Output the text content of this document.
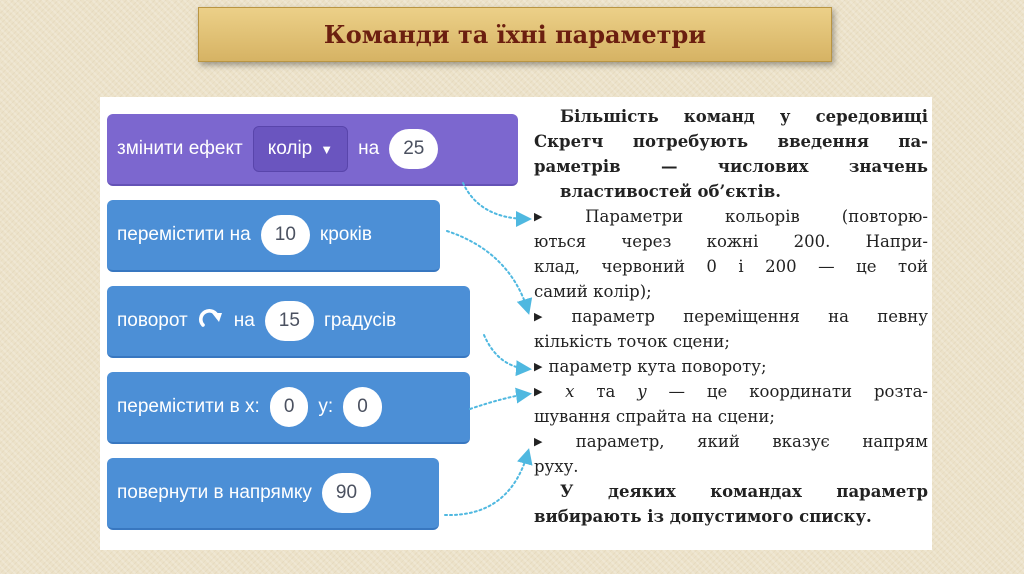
Команди та їхні параметри
змінити ефект колір ▼ на	25
перемістити на	10	кроків
поворот на	15	градусів
перемістити в x:	0	y:	0
повернути в напрямку	90
Більшість команд у середовищі
Скретч потребують введення па-
раметрів — числових значень
властивостей об’єктів.
▶ Параметри кольорів (повторю-
ються через кожні 200. Напри-
клад, червоний 0 і 200 — це той
самий колір);
▶ параметр переміщення на певну
кількість точок сцени;
▶ параметр кута повороту;
▶ x та y — це координати розта-
шування спрайта на сцени;
▶ параметр, який вказує напрям
руху.
У деяких командах параметр
вибирають із допустимого списку.
